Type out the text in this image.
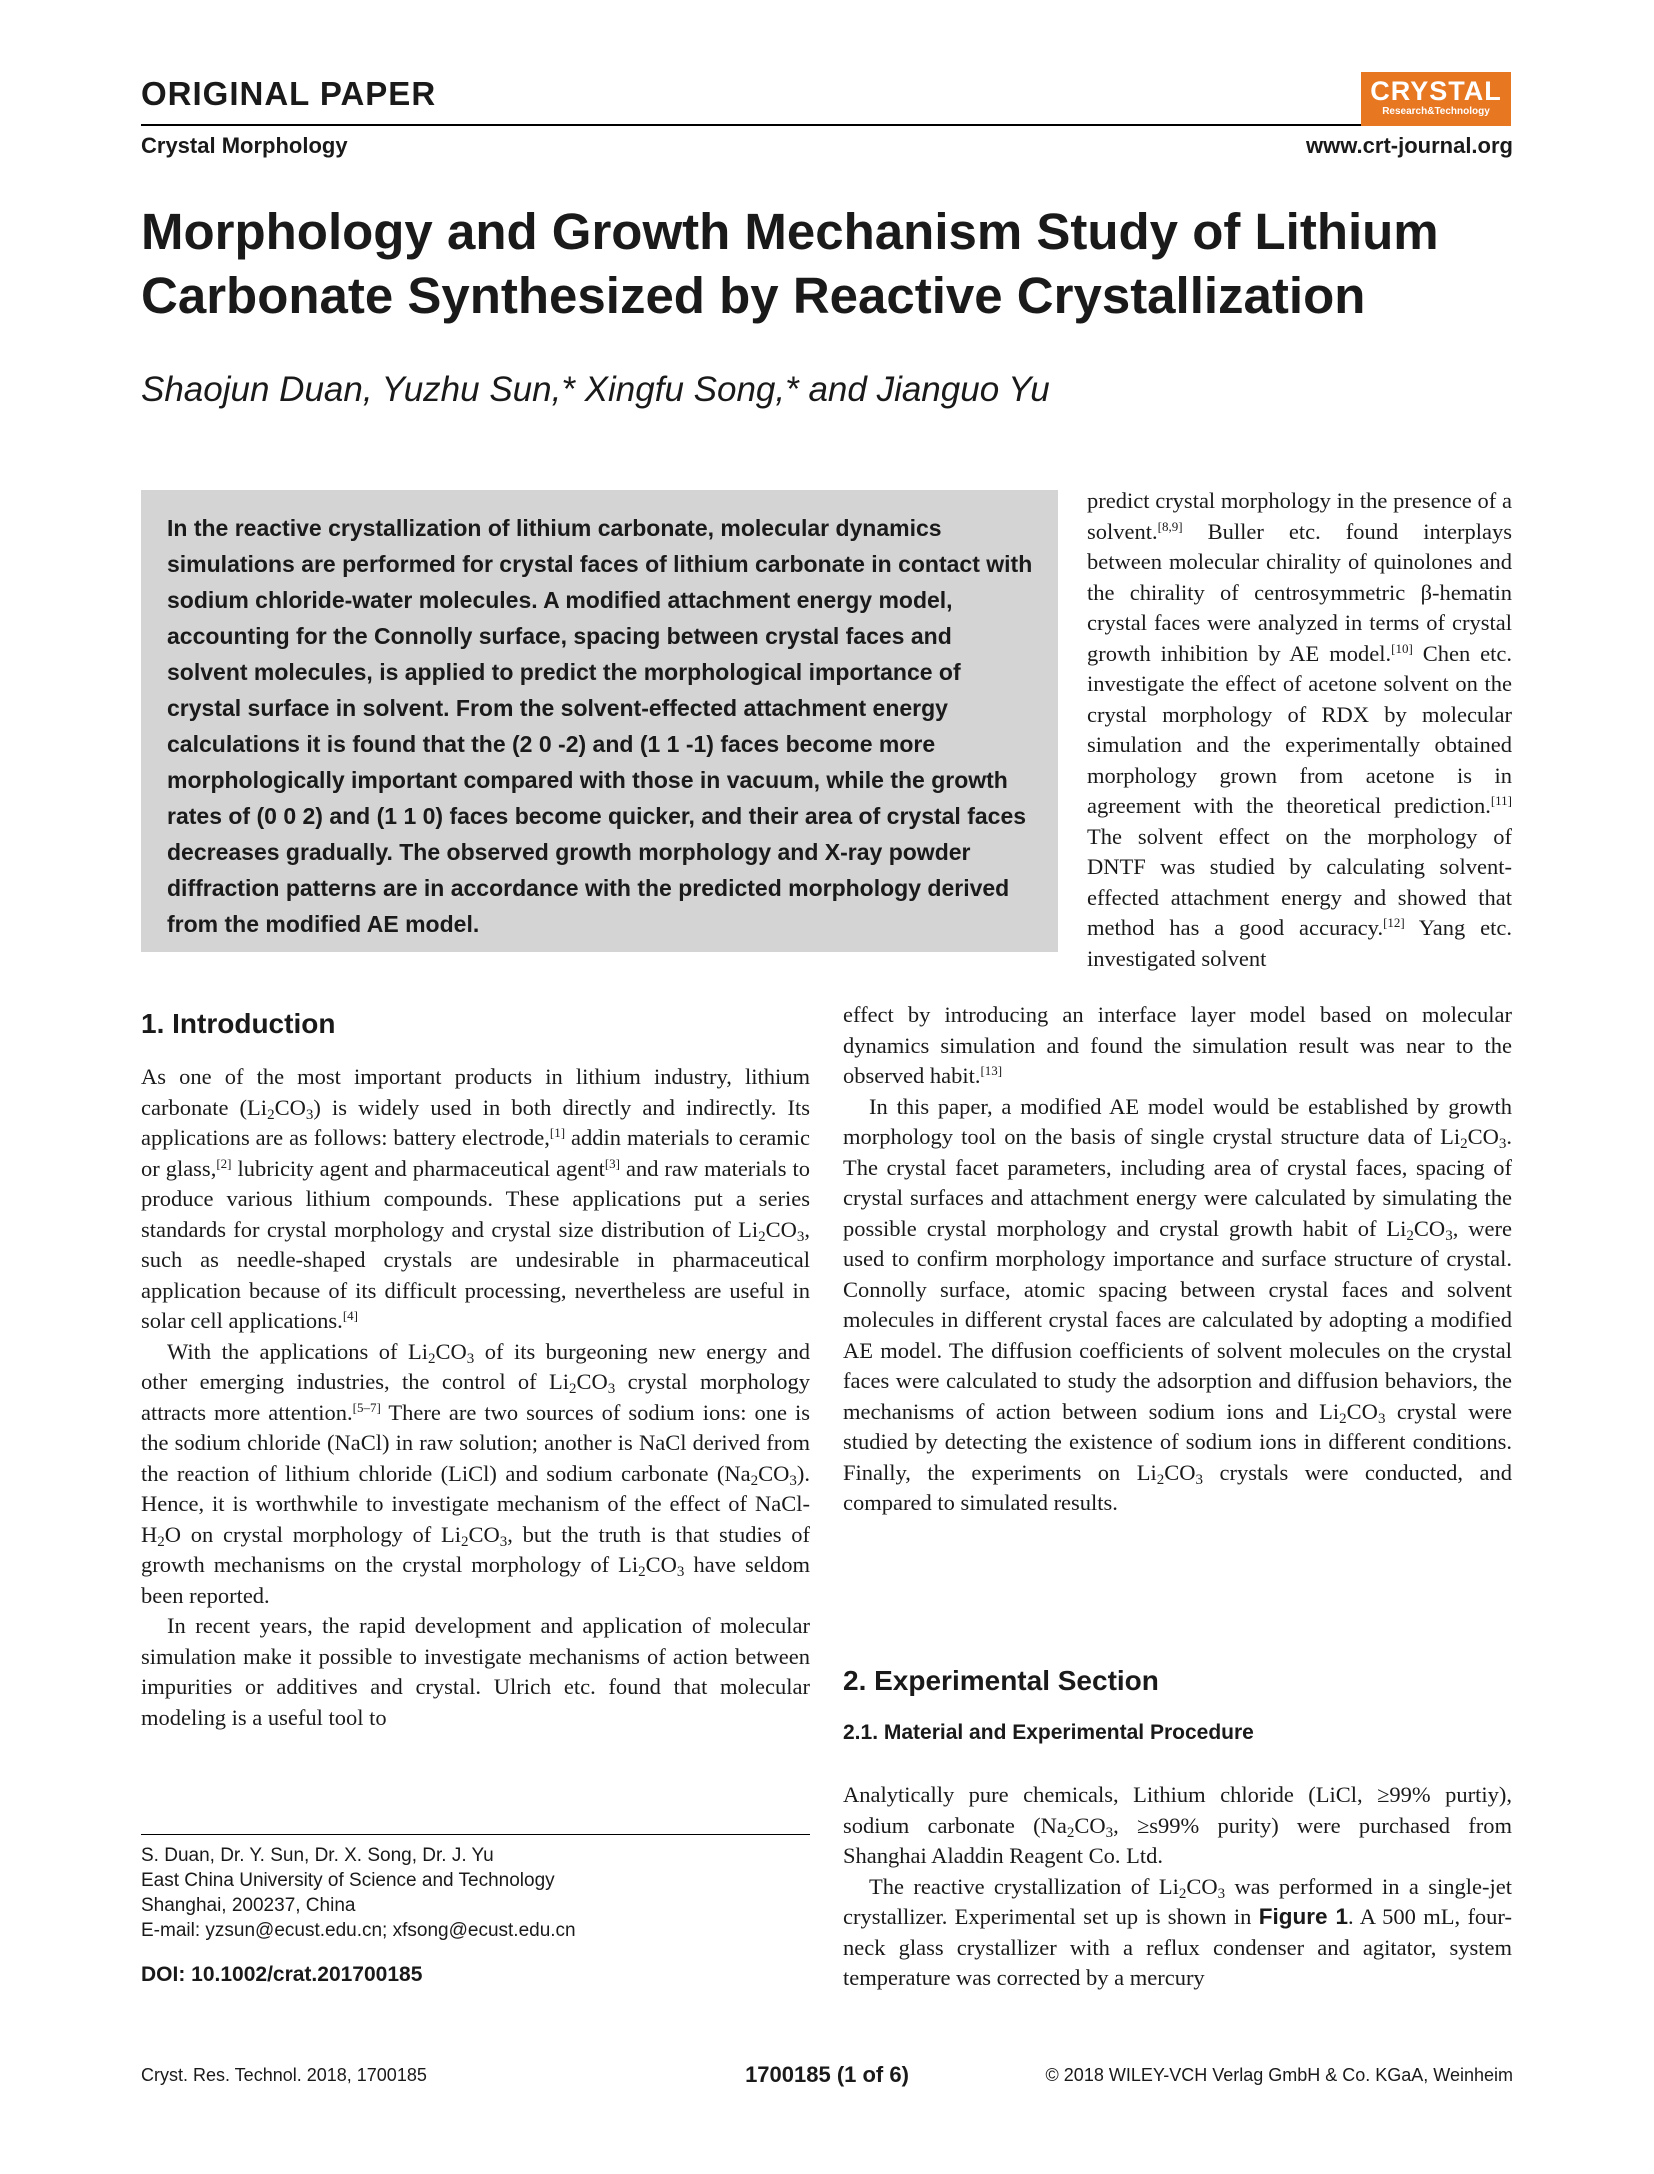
ORIGINAL PAPER	CRYSTAL
Research&Technology
Crystal Morphology	www.crt-journal.org
Morphology and Growth Mechanism Study of Lithium Carbonate Synthesized by Reactive Crystallization
Shaojun Duan, Yuzhu Sun,* Xingfu Song,* and Jianguo Yu
In the reactive crystallization of lithium carbonate, molecular dynamics simulations are performed for crystal faces of lithium carbonate in contact with sodium chloride-water molecules. A modified attachment energy model, accounting for the Connolly surface, spacing between crystal faces and solvent molecules, is applied to predict the morphological importance of crystal surface in solvent. From the solvent-effected attachment energy calculations it is found that the (2 0 -2) and (1 1 -1) faces become more morphologically important compared with those in vacuum, while the growth rates of (0 0 2) and (1 1 0) faces become quicker, and their area of crystal faces decreases gradually. The observed growth morphology and X-ray powder diffraction patterns are in accordance with the predicted morphology derived from the modified AE model.

predict crystal morphology in the presence of a solvent.[8,9] Buller etc. found interplays between molecular chirality of quinolones and the chirality of centrosymmetric β-hematin crystal faces were analyzed in terms of crystal growth inhibition by AE model.[10] Chen etc. investigate the effect of acetone solvent on the crystal morphology of RDX by molecular simulation and the experimentally obtained morphology grown from acetone is in agreement with the theoretical prediction.[11] The solvent effect on the morphology of DNTF was studied by calculating solvent-effected attachment energy and showed that method has a good accuracy.[12] Yang etc. investigated solvent

effect by introducing an interface layer model based on molecular dynamics simulation and found the simulation result was near to the observed habit.[13]

In this paper, a modified AE model would be established by growth morphology tool on the basis of single crystal structure data of $Li_2CO_3$. The crystal facet parameters, including area of crystal faces, spacing of crystal surfaces and attachment energy were calculated by simulating the possible crystal morphology and crystal growth habit of $Li_2CO_3$, were used to confirm morphology importance and surface structure of crystal. Connolly surface, atomic spacing between crystal faces and solvent molecules in different crystal faces are calculated by adopting a modified AE model. The diffusion coefficients of solvent molecules on the crystal faces were calculated to study the adsorption and diffusion behaviors, the mechanisms of action between sodium ions and $Li_2CO_3$ crystal were studied by detecting the existence of sodium ions in different conditions. Finally, the experiments on $Li_2CO_3$ crystals were conducted, and compared to simulated results.

1. Introduction

As one of the most important products in lithium industry, lithium carbonate $(Li_2CO_3)$ is widely used in both directly and indirectly. Its applications are as follows: battery electrode,[1] addin materials to ceramic or glass,[2] lubricity agent and pharmaceutical agent[3] and raw materials to produce various lithium compounds. These applications put a series standards for crystal morphology and crystal size distribution of $Li_2CO_3$, such as needle-shaped crystals are undesirable in pharmaceutical application because of its difficult processing, nevertheless are useful in solar cell applications.[4]

With the applications of $Li_2CO_3$ of its burgeoning new energy and other emerging industries, the control of $Li_2CO_3$ crystal morphology attracts more attention.[5–7] There are two sources of sodium ions: one is the sodium chloride (NaCl) in raw solution; another is NaCl derived from the reaction of lithium chloride (LiCl) and sodium carbonate $(Na_2CO_3)$. Hence, it is worthwhile to investigate mechanism of the effect of NaCl-$H_2O$ on crystal morphology of $Li_2CO_3$, but the truth is that studies of growth mechanisms on the crystal morphology of $Li_2CO_3$ have seldom been reported.

In recent years, the rapid development and application of molecular simulation make it possible to investigate mechanisms of action between impurities or additives and crystal. Ulrich etc. found that molecular modeling is a useful tool to

2. Experimental Section
2.1. Material and Experimental Procedure

Analytically pure chemicals, Lithium chloride (LiCl, ≥99% purtiy), sodium carbonate ($Na_2CO_3$, ≥s99% purity) were purchased from Shanghai Aladdin Reagent Co. Ltd.

The reactive crystallization of $Li_2CO_3$ was performed in a single-jet crystallizer. Experimental set up is shown in Figure 1. A 500 mL, four-neck glass crystallizer with a reflux condenser and agitator, system temperature was corrected by a mercury

S. Duan, Dr. Y. Sun, Dr. X. Song, Dr. J. Yu
East China University of Science and Technology
Shanghai, 200237, China
E-mail: yzsun@ecust.edu.cn; xfsong@ecust.edu.cn
DOI: 10.1002/crat.201700185
Cryst. Res. Technol. 2018, 1700185	1700185 (1 of 6)	© 2018 WILEY-VCH Verlag GmbH & Co. KGaA, Weinheim
